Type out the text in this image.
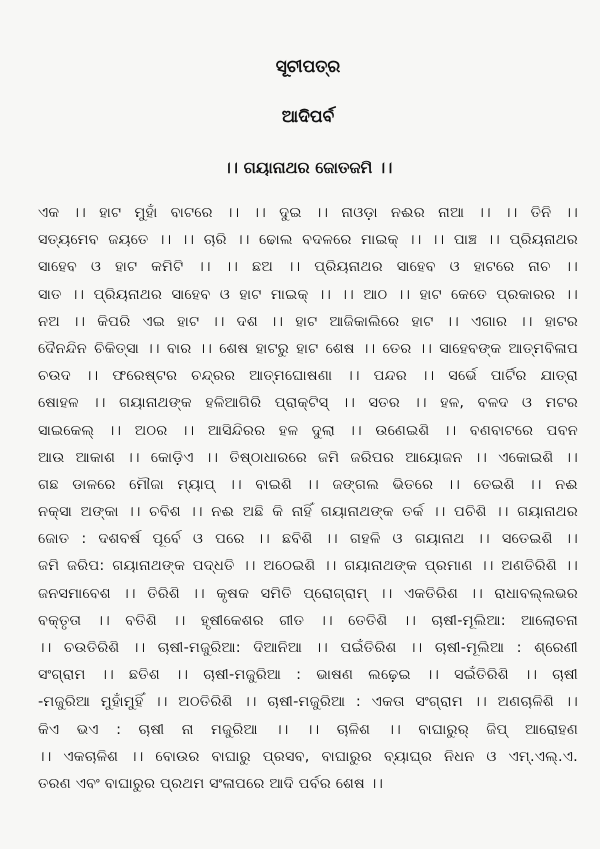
ସୂଚୀପତ୍ର
ଆଦିପର୍ବ
।। ଗୟାନାଥର ଜୋତଜମି ।।
ଏକ ।। ହାଟ ମୁହାଁ ବାଟରେ ।। ।। ଦୁଇ ।। ନାଓଡ଼ା ନଈର ନାଆ ।। ।। ତିନି ।।
ସତ୍ୟମେବ ଜୟତେ ।। ।। ଚାରି ।। ଢୋଲ ବଦଳରେ ମାଇକ୍ ।। ।। ପାଞ୍ଚ ।। ପ୍ରିୟନାଥର
ସାହେବ ଓ ହାଟ କମିଟି ।। ।। ଛଅ ।। ପ୍ରିୟନାଥର ସାହେବ ଓ ହାଟରେ ନାଚ ।।
ସାତ ।। ପ୍ରିୟନାଥର ସାହେବ ଓ ହାଟ ମାଇକ୍ ।। ।। ଆଠ ।। ହାଟ କେତେ ପ୍ରକାରର ।।
ନଅ ।। କିପରି ଏଇ ହାଟ ।। ଦଶ ।। ହାଟ ଆଜିକାଲିରେ ହାଟ ।। ଏଗାର ।। ହାଟର
ଦୈନନ୍ଦିନ ଚିକିତ୍ସା ।। ବାର ।। ଶେଷ ହାଟରୁ ହାଟ ଶେଷ ।। ତେର ।। ସାହେବଙ୍କ ଆତ୍ମବିଳାପ
ଚଉଦ ।। ଫରେଷ୍ଟର ଚନ୍ଦ୍ରର ଆତ୍ମଘୋଷଣା ।। ପନ୍ଦର ।। ସର୍ଭେ ପାର୍ଟିର ଯାତ୍ରା
ଷୋହଳ ।। ଗୟାନାଥଙ୍କ ହଳିଆଗିରି ପ୍ରାକ୍ଟିସ୍ ।। ସତର ।। ହଳ, ବଳଦ ଓ ମଟର
ସାଇକେଲ୍ ।। ଅଠର ।। ଆସିନ୍ଦିରର ହଳ ଦୁଲା ।। ଉଣେଇଶି ।। ବଣବାଟରେ ପବନ
ଆଉ ଆକାଶ ।। କୋଡ଼ିଏ ।। ତିଷ୍ଠାଧାରରେ ଜମି ଜରିପର ଆୟୋଜନ ।। ଏକୋଇଶି ।।
ଗଛ ଡାଳରେ ମୌଜା ମ୍ୟାପ୍ ।। ବାଇଶି ।। ଜଙ୍ଗଲ ଭିତରେ ।। ତେଇଶି ।। ନଈ
ନକ୍ସା ଅଙ୍କା ।। ଚବିଶ ।। ନଈ ଅଛି କି ନାହିଁ ଗୟାନାଥଙ୍କ ତର୍କ ।। ପଚିଶି ।। ଗୟାନାଥର
ଜୋତ : ଦଶବର୍ଷ ପୂର୍ବେ ଓ ପରେ ।। ଛବିଶି ।। ଗହଳି ଓ ଗୟାନାଥ ।। ସତେଇଶି ।।
ଜମି ଜରିପ: ଗୟାନାଥଙ୍କ ପଦ୍ଧତି ।। ଅଠେଇଶି ।। ଗୟାନାଥଙ୍କ ପ୍ରମାଣ ।। ଅଣତିରିଶି ।।
ଜନସମାବେଶ ।। ତିରିଶି ।। କୃଷକ ସମିତି ପ୍ରୋଗ୍ରାମ୍ ।। ଏକତିରିଶ ।। ରାଧାବଲ୍ଲଭର
ବକ୍ତୃତା ।। ବତିଶି ।। ହୃଷୀକେଶର ଗୀତ ।। ତେତିଶି ।। ଚାଷୀ-ମୂଲିଆ: ଆଲୋଚନା
।। ଚଉତିରିଶି ।। ଚାଷୀ-ମଜୁରିଆ: ଦିଆନିଆ ।। ପଇଁତିରିଶ ।। ଚାଷୀ-ମୂଲିଆ : ଶ୍ରେଣୀ
ସଂଗ୍ରାମ ।। ଛତିଶ ।। ଚାଷୀ-ମଜୁରିଆ : ଭାଷଣ ଲଢ଼େଇ ।। ସଇଁତିରିଶି ।। ଚାଷୀ
-ମଜୁରିଆ ମୁହାଁମୁହିଁ ।। ଅଠତିରିଶି ।। ଚାଷୀ-ମଜୁରିଆ : ଏକତା ସଂଗ୍ରାମ ।। ଅଣଚାଳିଶି ।।
କିଏ ଭଏ : ଚାଷୀ ନା ମଜୁରିଆ ।। ।। ଚାଳିଶ ।। ବାଘାରୁର୍ ଜିପ୍ ଆରୋହଣ
।। ଏକଚାଳିଶ ।। ବୋଉର ବାଘାରୁ ପ୍ରସବ, ବାଘାରୁର ବ୍ୟାଘ୍ର ନିଧନ ଓ ଏମ୍.ଏଲ୍.ଏ.
ତରଣ ଏବଂ ବାଘାରୁର ପ୍ରଥମ ସଂଳାପରେ ଆଦି ପର୍ବର ଶେଷ ।।
